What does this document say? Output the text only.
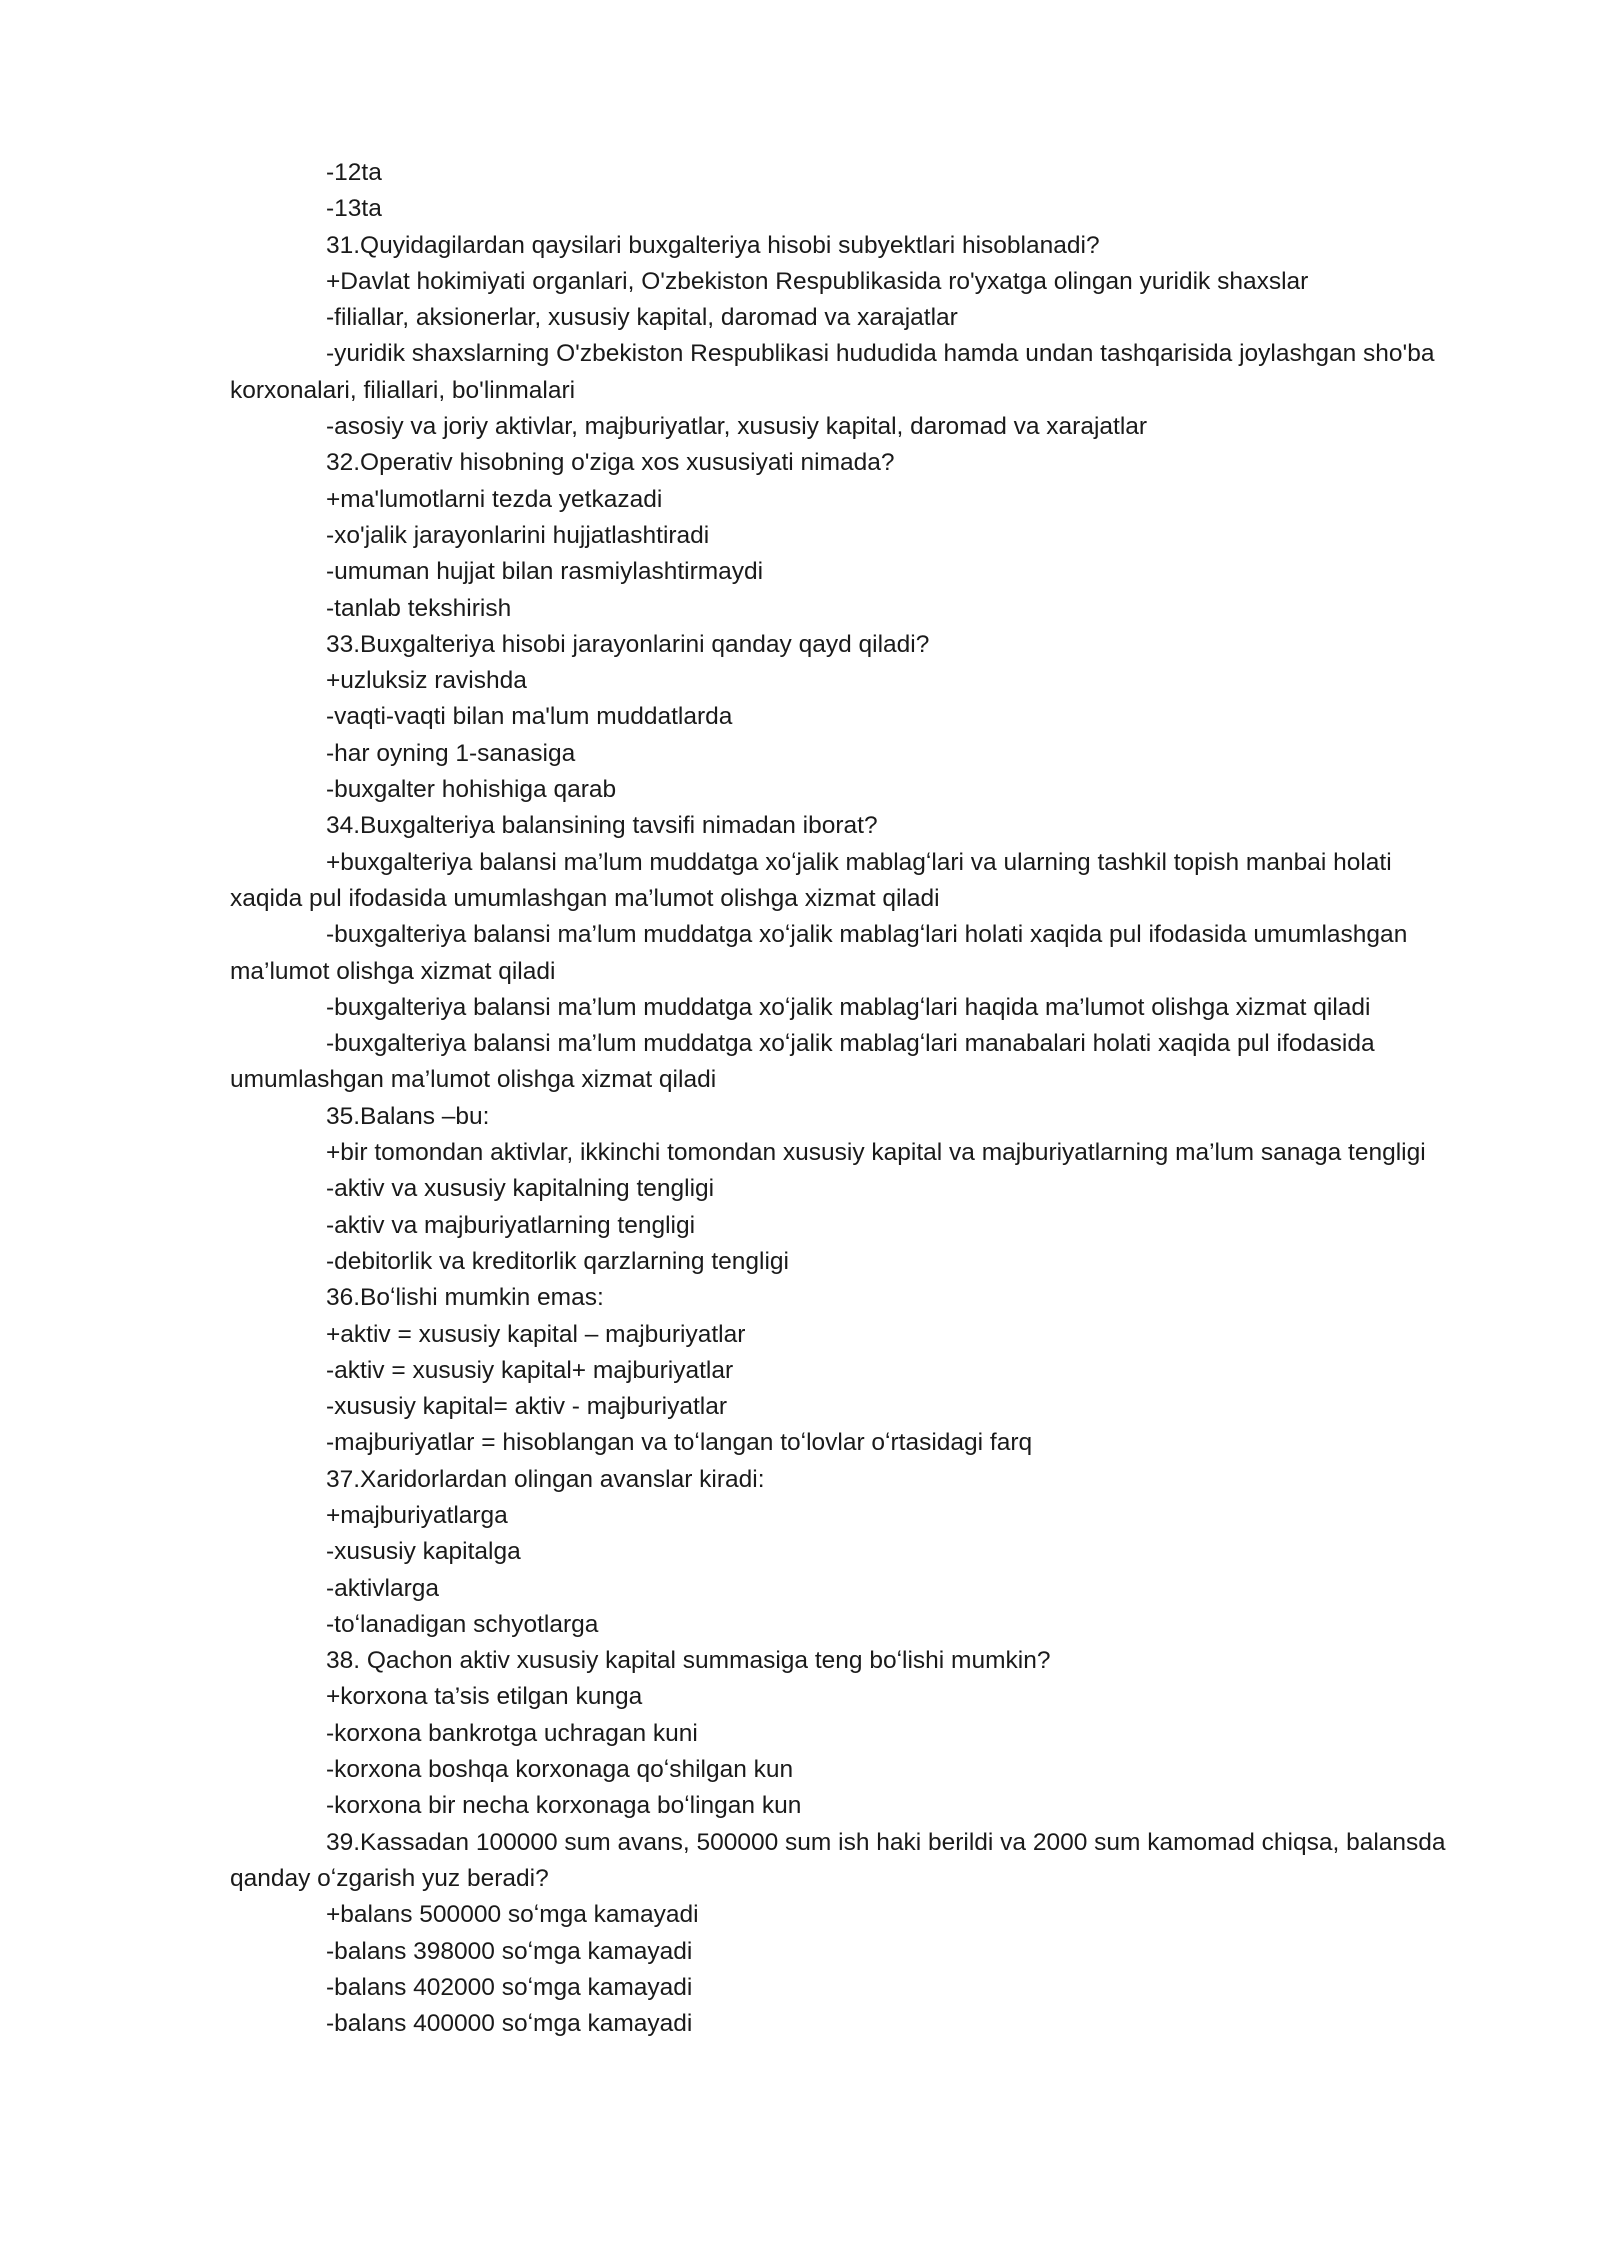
-12ta
-13ta
31.Quyidagilardan qaysilari buxgalteriya hisobi subyektlari hisoblanadi?
+Davlat hokimiyati organlari, O'zbekiston Respublikasida ro'yxatga olingan yuridik shaxslar
-filiallar, aksionerlar, xususiy kapital, daromad va xarajatlar
-yuridik shaxslarning O'zbekiston Respublikasi hududida hamda undan tashqarisida joylashgan sho'ba korxonalari, filiallari, bo'linmalari
-asosiy va joriy aktivlar, majburiyatlar, xususiy kapital, daromad va xarajatlar
32.Operativ hisobning o'ziga xos xususiyati nimada?
+ma'lumotlarni tezda yetkazadi
-xo'jalik jarayonlarini hujjatlashtiradi
-umuman hujjat bilan rasmiylashtirmaydi
-tanlab tekshirish
33.Buxgalteriya hisobi jarayonlarini qanday qayd qiladi?
+uzluksiz ravishda
-vaqti-vaqti bilan ma'lum muddatlarda
-har oyning 1-sanasiga
-buxgalter hohishiga qarab
34.Buxgalteriya balansining tavsifi nimadan iborat?
+buxgalteriya balansi ma’lum muddatga xoʻjalik mablagʻlari va ularning tashkil topish manbai holati xaqida pul ifodasida umumlashgan ma’lumot olishga xizmat qiladi
-buxgalteriya balansi ma’lum muddatga xoʻjalik mablagʻlari holati xaqida pul ifodasida umumlashgan ma’lumot olishga xizmat qiladi
-buxgalteriya balansi ma’lum muddatga xoʻjalik mablagʻlari haqida ma’lumot olishga xizmat qiladi
-buxgalteriya balansi ma’lum muddatga xoʻjalik mablagʻlari manabalari holati xaqida pul ifodasida umumlashgan ma’lumot olishga xizmat qiladi
35.Balans –bu:
+bir tomondan aktivlar, ikkinchi tomondan xususiy kapital va majburiyatlarning ma’lum sanaga tengligi
-aktiv va xususiy kapitalning tengligi
-aktiv va majburiyatlarning tengligi
-debitorlik va kreditorlik qarzlarning tengligi
36.Boʻlishi mumkin emas:
+aktiv = xususiy kapital – majburiyatlar
-aktiv = xususiy kapital+ majburiyatlar
-xususiy kapital= aktiv - majburiyatlar
-majburiyatlar = hisoblangan va toʻlangan toʻlovlar oʻrtasidagi farq
37.Xaridorlardan olingan avanslar kiradi:
+majburiyatlarga
-xususiy kapitalga
-aktivlarga
-toʻlanadigan schyotlarga
38. Qachon aktiv xususiy kapital summasiga teng boʻlishi mumkin?
+korxona ta’sis etilgan kunga
-korxona bankrotga uchragan kuni
-korxona boshqa korxonaga qoʻshilgan kun
-korxona bir necha korxonaga boʻlingan kun
39.Kassadan 100000 sum avans, 500000 sum ish haki berildi va 2000 sum kamomad chiqsa, balansda qanday oʻzgarish yuz beradi?
+balans 500000 soʻmga kamayadi
-balans 398000 soʻmga kamayadi
-balans 402000 soʻmga kamayadi
-balans 400000 soʻmga kamayadi
